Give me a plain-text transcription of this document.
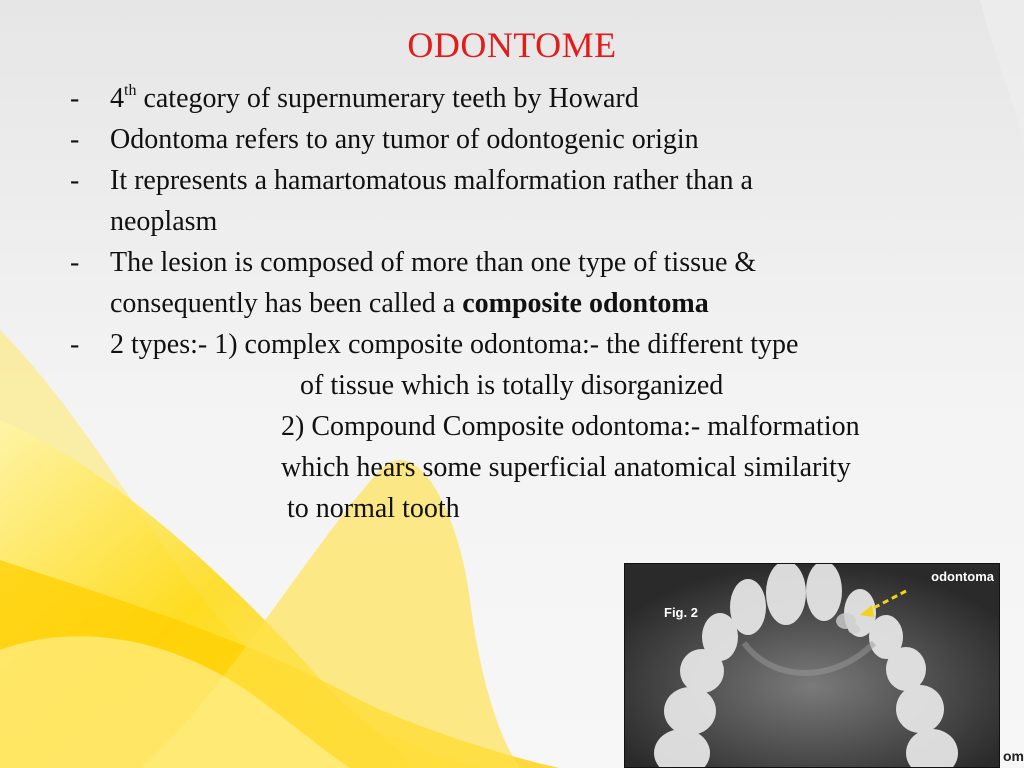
ODONTOME
- 4th category of supernumerary teeth by Howard
- Odontoma refers to any tumor of odontogenic origin
- It represents a hamartomatous malformation rather than a
neoplasm
- The lesion is composed of more than one type of tissue &
consequently has been called a composite odontoma
- 2 types:- 1) complex composite odontoma:- the different type
of tissue which is totally disorganized
2) Compound Composite odontoma:- malformation
which hears some superficial anatomical similarity
to normal tooth
odontoma
Fig. 2
om
